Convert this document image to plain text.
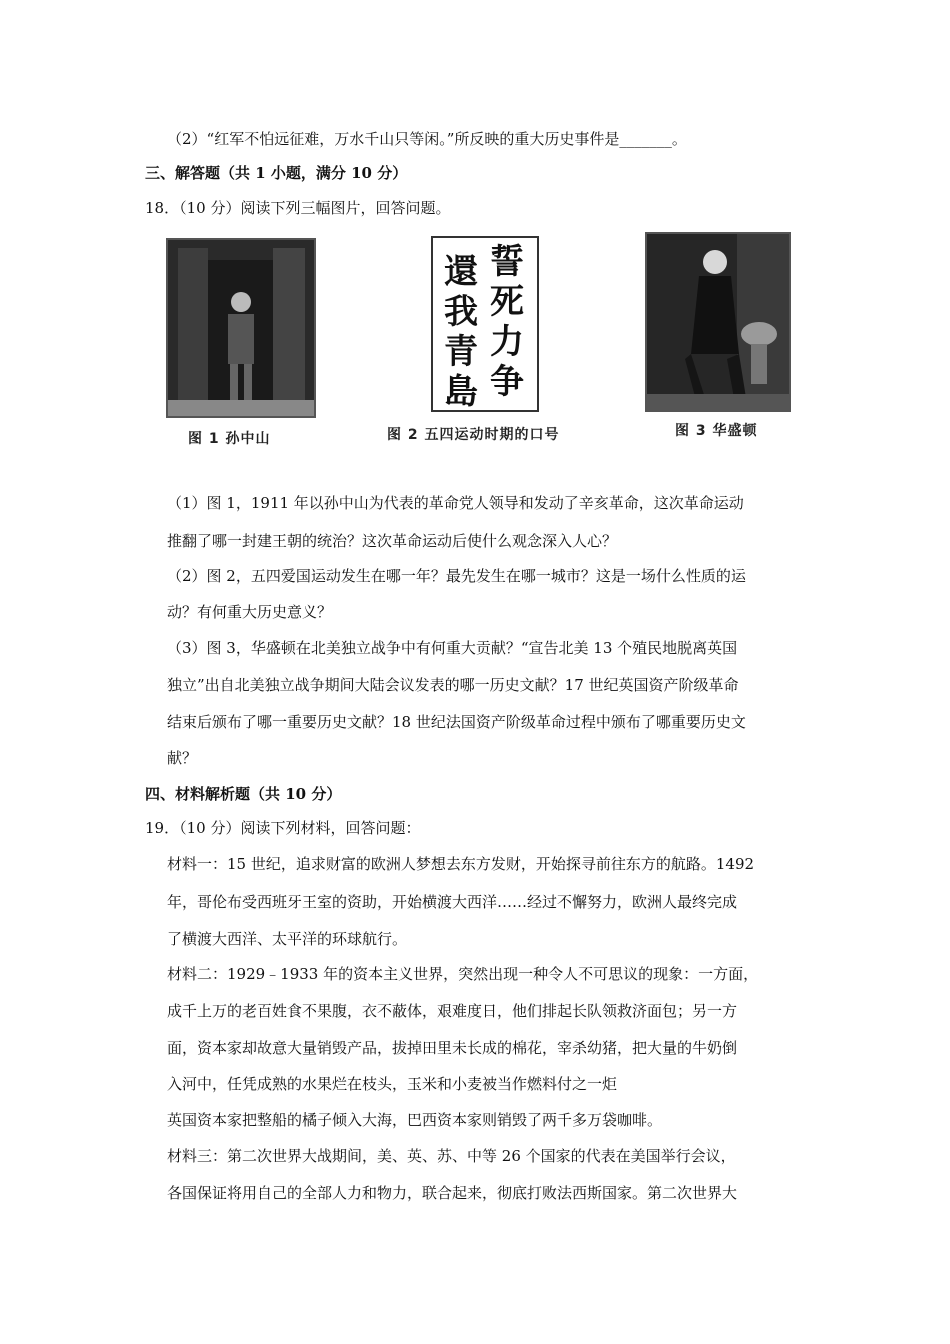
（2）“红军不怕远征难，万水千山只等闲。”所反映的重大历史事件是_______。
三、解答题（共 1 小题，满分 10 分）
18．（10 分）阅读下列三幅图片，回答问题。
图 1 孙中山
誓死力争
還我青島
图 2 五四运动时期的口号	图 3 华盛顿
（1）图 1，1911 年以孙中山为代表的革命党人领导和发动了辛亥革命，这次革命运动
推翻了哪一封建王朝的统治？这次革命运动后使什么观念深入人心？
（2）图 2，五四爱国运动发生在哪一年？最先发生在哪一城市？这是一场什么性质的运
动？有何重大历史意义？
（3）图 3，华盛顿在北美独立战争中有何重大贡献？“宣告北美 13 个殖民地脱离英国
独立”出自北美独立战争期间大陆会议发表的哪一历史文献？17 世纪英国资产阶级革命
结束后颁布了哪一重要历史文献？18 世纪法国资产阶级革命过程中颁布了哪重要历史文
献？
四、材料解析题（共 10 分）
19．（10 分）阅读下列材料，回答问题：
材料一：15 世纪，追求财富的欧洲人梦想去东方发财，开始探寻前往东方的航路。1492
年，哥伦布受西班牙王室的资助，开始横渡大西洋……经过不懈努力，欧洲人最终完成
了横渡大西洋、太平洋的环球航行。
材料二：1929﹣1933 年的资本主义世界，突然出现一种令人不可思议的现象：一方面，
成千上万的老百姓食不果腹，衣不蔽体，艰难度日，他们排起长队领救济面包；另一方
面，资本家却故意大量销毁产品，拔掉田里未长成的棉花，宰杀幼猪，把大量的牛奶倒
入河中，任凭成熟的水果烂在枝头，玉米和小麦被当作燃料付之一炬
英国资本家把整船的橘子倾入大海，巴西资本家则销毁了两千多万袋咖啡。
材料三：第二次世界大战期间，美、英、苏、中等 26 个国家的代表在美国举行会议，
各国保证将用自己的全部人力和物力，联合起来，彻底打败法西斯国家。第二次世界大
